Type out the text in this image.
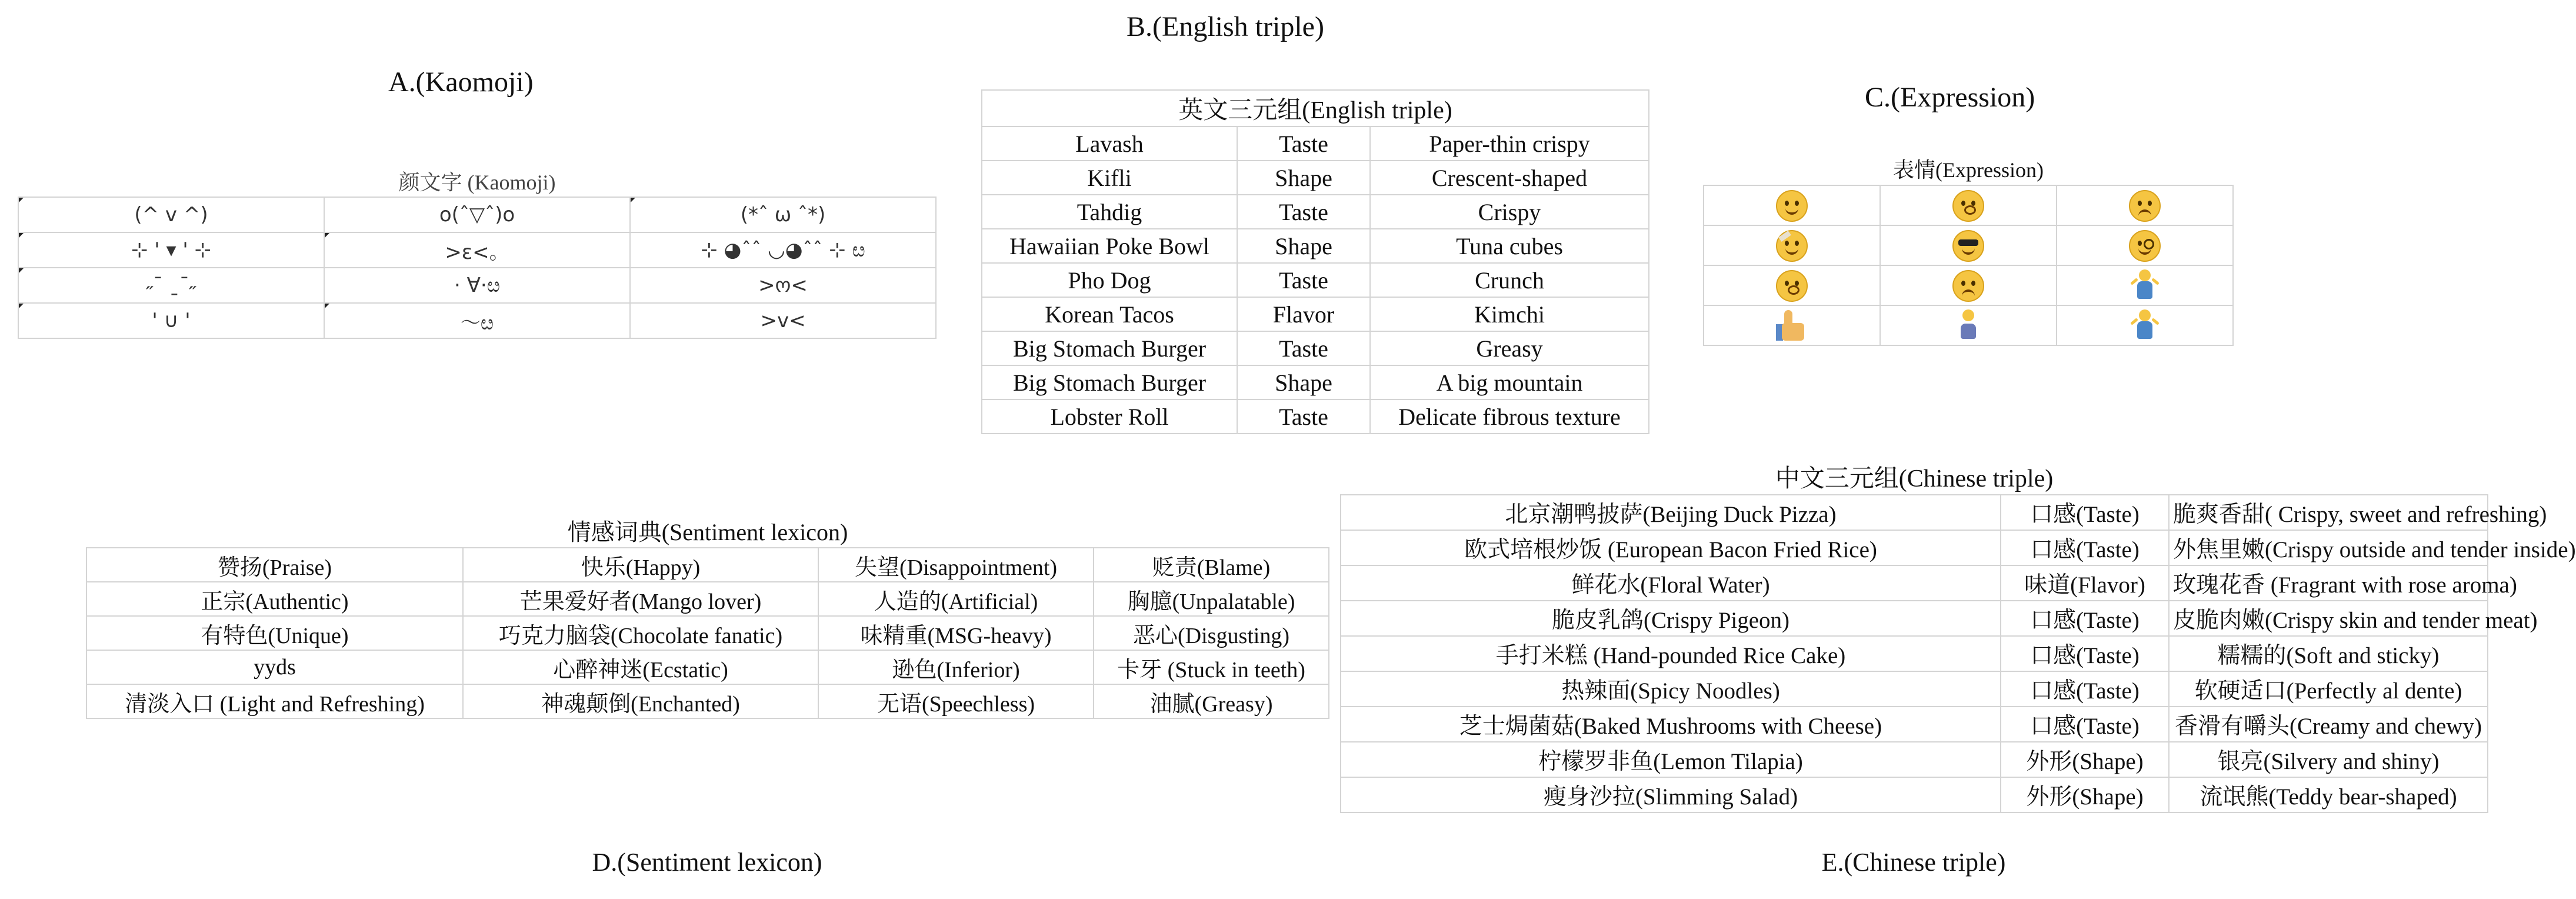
A.(Kaomoji)
B.(English triple)
C.(Expression)
颜文字 (Kaomoji)		

(^ v ^)	o(ˆ▽ˆ)o	(*ˆ ω ˆ*)

⊹ ' ▾ ' ⊹	>ε<。	⊹ ◕ˆˆ ◡◕ˆˆ ⊹ ೞ

˶ˉ ˍˉ˶	· ∀·ೞ	>ო<

' ∪ '	〜ೞ	>v<
英文三元组(English triple)		
Lavash	Taste	Paper-thin crispy
Kifli	Shape	Crescent-shaped
Tahdig	Taste	Crispy
Hawaiian Poke Bowl	Shape	Tuna cubes
Pho Dog	Taste	Crunch
Korean Tacos	Flavor	Kimchi
Big Stomach Burger	Taste	Greasy
Big Stomach Burger	Shape	A big mountain
Lobster Roll	Taste	Delicate fibrous texture
表情(Expression)		

情感词典(Sentiment lexicon)			
赞扬(Praise)	快乐(Happy)	失望(Disappointment)	贬责(Blame)
正宗(Authentic)	芒果爱好者(Mango lover)	人造的(Artificial)	胸臆(Unpalatable)
有特色(Unique)	巧克力脑袋(Chocolate fanatic)	味精重(MSG-heavy)	恶心(Disgusting)
yyds	心醉神迷(Ecstatic)	逊色(Inferior)	卡牙 (Stuck in teeth)
清淡入口 (Light and Refreshing)	神魂颠倒(Enchanted)	无语(Speechless)	油腻(Greasy)
D.(Sentiment lexicon)
中文三元组(Chinese triple)		
北京潮鸭披萨(Beijing Duck Pizza)	口感(Taste)	脆爽香甜( Crispy, sweet and refreshing)
欧式培根炒饭 (European Bacon Fried Rice)	口感(Taste)	外焦里嫩(Crispy outside and tender inside)
鲜花水(Floral Water)	味道(Flavor)	玫瑰花香 (Fragrant with rose aroma)
脆皮乳鸽(Crispy Pigeon)	口感(Taste)	皮脆肉嫩(Crispy skin and tender meat)
手打米糕 (Hand-pounded Rice Cake)	口感(Taste)	糯糯的(Soft and sticky)
热辣面(Spicy Noodles)	口感(Taste)	软硬适口(Perfectly al dente)
芝士焗菌菇(Baked Mushrooms with Cheese)	口感(Taste)	香滑有嚼头(Creamy and chewy)
柠檬罗非鱼(Lemon Tilapia)	外形(Shape)	银亮(Silvery and shiny)
瘦身沙拉(Slimming Salad)	外形(Shape)	流氓熊(Teddy bear-shaped)
E.(Chinese triple)
